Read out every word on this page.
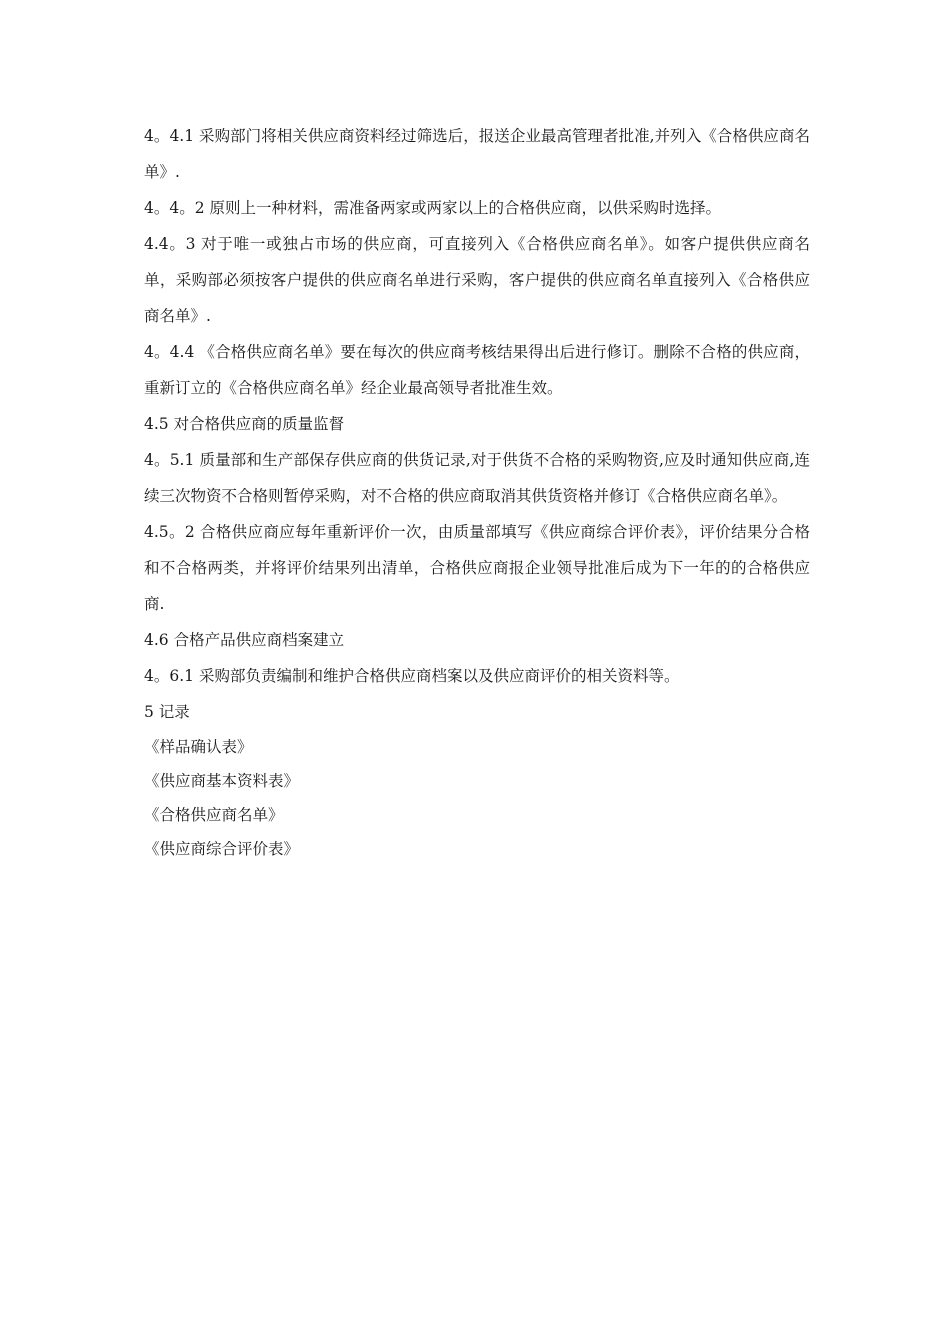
4。4.1 采购部门将相关供应商资料经过筛选后，报送企业最高管理者批准,并列入《合格供应商名单》.

4。4。2 原则上一种材料，需准备两家或两家以上的合格供应商，以供采购时选择。

4.4。3 对于唯一或独占市场的供应商，可直接列入《合格供应商名单》。如客户提供供应商名单，采购部必须按客户提供的供应商名单进行采购，客户提供的供应商名单直接列入《合格供应商名单》.

4。4.4 《合格供应商名单》要在每次的供应商考核结果得出后进行修订。删除不合格的供应商，重新订立的《合格供应商名单》经企业最高领导者批准生效。

4.5 对合格供应商的质量监督

4。5.1 质量部和生产部保存供应商的供货记录,对于供货不合格的采购物资,应及时通知供应商,连续三次物资不合格则暂停采购，对不合格的供应商取消其供货资格并修订《合格供应商名单》。

4.5。2 合格供应商应每年重新评价一次，由质量部填写《供应商综合评价表》，评价结果分合格和不合格两类，并将评价结果列出清单，合格供应商报企业领导批准后成为下一年的的合格供应商.

4.6 合格产品供应商档案建立

4。6.1 采购部负责编制和维护合格供应商档案以及供应商评价的相关资料等。

5 记录

《样品确认表》

《供应商基本资料表》

《合格供应商名单》

《供应商综合评价表》
